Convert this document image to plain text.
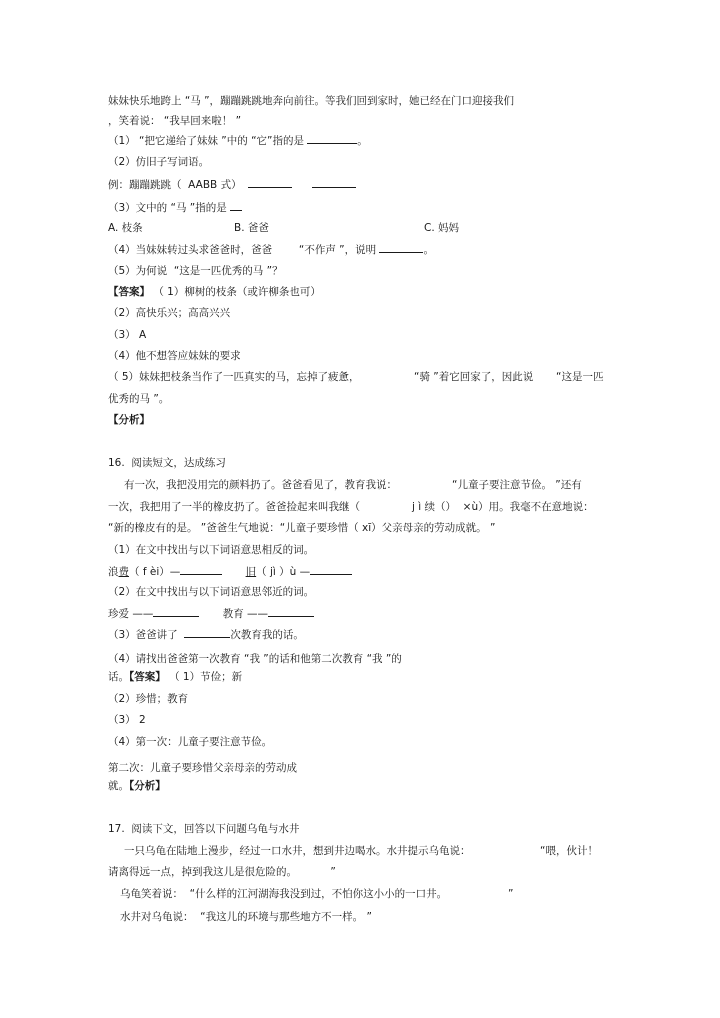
妹妹快乐地跨上 “马 ”，蹦蹦跳跳地奔向前往。等我们回到家时，她已经在门口迎接我们
，笑着说： “我早回来啦！ ”
（1） “把它递给了妹妹 ”中的 “它”指的是	。
（2）仿旧子写词语。
例：蹦蹦跳跳（  AABB 式）
（3）文中的 “马 ”指的是
A. 枝条	B. 爸爸	C. 妈妈
（4）当妹妹转过头求爸爸时，爸爸	“不作声 ”，说明	。
（5）为何说  “这是一匹优秀的马 ”？
【答案】 （ 1）柳树的枝条（或许柳条也可）
（2）高快乐兴；高高兴兴
（3） A
（4）他不想答应妹妹的要求
（ 5）妹妹把枝条当作了一匹真实的马，忘掉了疲惫，	“骑 ”着它回家了，因此说 “这是一匹
优秀的马 ”。
【分析】
16.  阅读短文，达成练习
有一次，我把没用完的颜料扔了。爸爸看见了，教育我说：	“儿童子要注意节俭。 ”还有
一次，我把用了一半的橡皮扔了。爸爸捡起来叫我继（	j ì 续（）  ×ù）用。我毫不在意地说：
“新的橡皮有的是。 ”爸爸生气地说：“儿童子要珍惜（ xī）父亲母亲的劳动成就。 ”
（1）在文中找出与以下词语意思相反的词。
浪费（ f èi）—	旧（ jì ）ù —
（2）在文中找出与以下词语意思邻近的词。
珍爱 ——	教育 ——
（3）爸爸讲了	次教育我的话。
（4）请找出爸爸第一次教育 “我 ”的话和他第二次教育 “我 ”的
话。【答案】 （ 1）节俭；新
（2）珍惜；教育
（3） 2
（4）第一次：儿童子要注意节俭。
第二次：儿童子要珍惜父亲母亲的劳动成
就。【分析】
17.  阅读下文，回答以下问题乌龟与水井
一只乌龟在陆地上漫步，经过一口水井，想到井边喝水。水井提示乌龟说：	“喂，伙计！
请离得远一点，掉到我这儿是很危险的。          ”
乌龟笑着说：  “什么样的江河湖海我没到过，不怕你这小小的一口井。	”
水井对乌龟说：  “我这儿的环境与那些地方不一样。 ”
